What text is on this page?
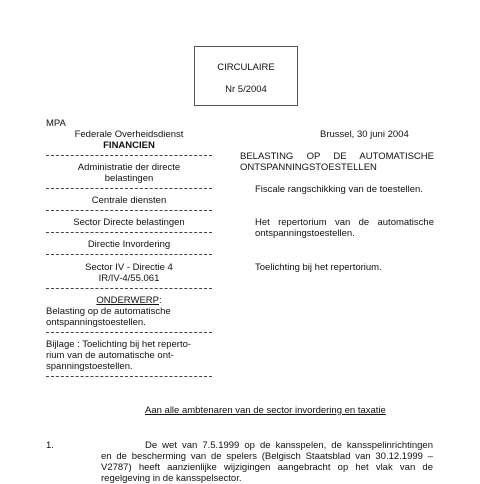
CIRCULAIRE
Nr 5/2004
MPA
Federale Overheidsdienst
FINANCIEN
Brussel, 30 juni 2004
Administratie der directe
belastingen
Centrale diensten
Sector Directe belastingen
Directie Invordering
Sector IV - Directie 4
IR/IV-4/55.061
ONDERWERP:
Belasting op de automatische
ontspanningstoestellen.
Bijlage : Toelichting bij het reperto-
rium van de automatische ont-
spanningstoestellen.
BELASTING OP DE AUTOMATISCHE
ONTSPANNINGSTOESTELLEN
Fiscale rangschikking van de toestellen.
Het repertorium van de automatische
ontspanningstoestellen.
Toelichting bij het repertorium.
Aan alle ambtenaren van de sector invordering en taxatie
1.	De wet van 7.5.1999 op de kansspelen, de kansspelinrichtingen
en de bescherming van de spelers (Belgisch Staatsblad van 30.12.1999 –
V2787) heeft aanzienlijke wijzigingen aangebracht op het vlak van de
regelgeving in de kansspelsector.
